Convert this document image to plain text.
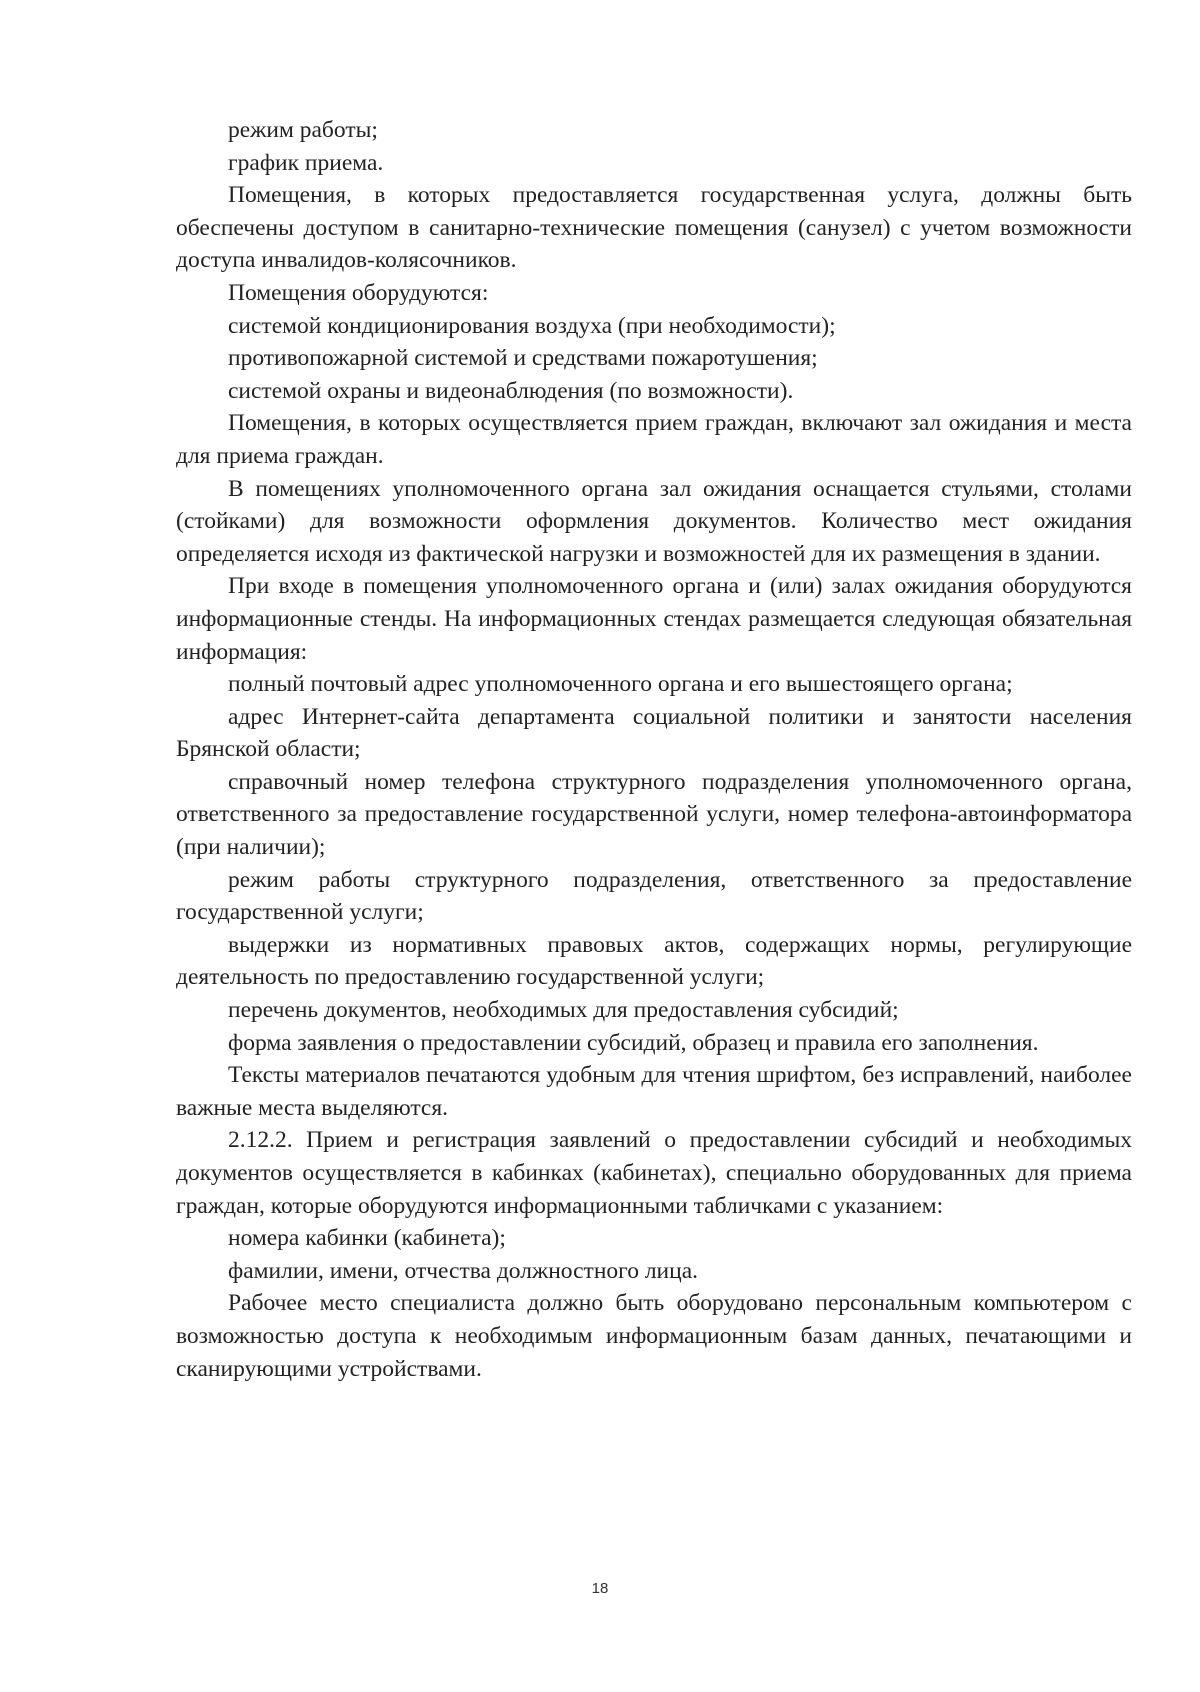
режим работы;

график приема.

Помещения, в которых предоставляется государственная услуга, должны быть обеспечены доступом в санитарно-технические помещения (санузел) с учетом возможности доступа инвалидов-колясочников.

Помещения оборудуются:

системой кондиционирования воздуха (при необходимости);

противопожарной системой и средствами пожаротушения;

системой охраны и видеонаблюдения (по возможности).

Помещения, в которых осуществляется прием граждан, включают зал ожидания и места для приема граждан.

В помещениях уполномоченного органа зал ожидания оснащается стульями, столами (стойками) для возможности оформления документов. Количество мест ожидания определяется исходя из фактической нагрузки и возможностей для их размещения в здании.

При входе в помещения уполномоченного органа и (или) залах ожидания оборудуются информационные стенды. На информационных стендах размещается следующая обязательная информация:

полный почтовый адрес уполномоченного органа и его вышестоящего органа;

адрес Интернет-сайта департамента социальной политики и занятости населения Брянской области;

справочный номер телефона структурного подразделения уполномоченного органа, ответственного за предоставление государственной услуги, номер телефона-автоинформатора (при наличии);

режим работы структурного подразделения, ответственного за предоставление государственной услуги;

выдержки из нормативных правовых актов, содержащих нормы, регулирующие деятельность по предоставлению государственной услуги;

перечень документов, необходимых для предоставления субсидий;

форма заявления о предоставлении субсидий, образец и правила его заполнения.

Тексты материалов печатаются удобным для чтения шрифтом, без исправлений, наиболее важные места выделяются.

2.12.2. Прием и регистрация заявлений о предоставлении субсидий и необходимых документов осуществляется в кабинках (кабинетах), специально оборудованных для приема граждан, которые оборудуются информационными табличками с указанием:

номера кабинки (кабинета);

фамилии, имени, отчества должностного лица.

Рабочее место специалиста должно быть оборудовано персональным компьютером с возможностью доступа к необходимым информационным базам данных, печатающими и сканирующими устройствами.

18
